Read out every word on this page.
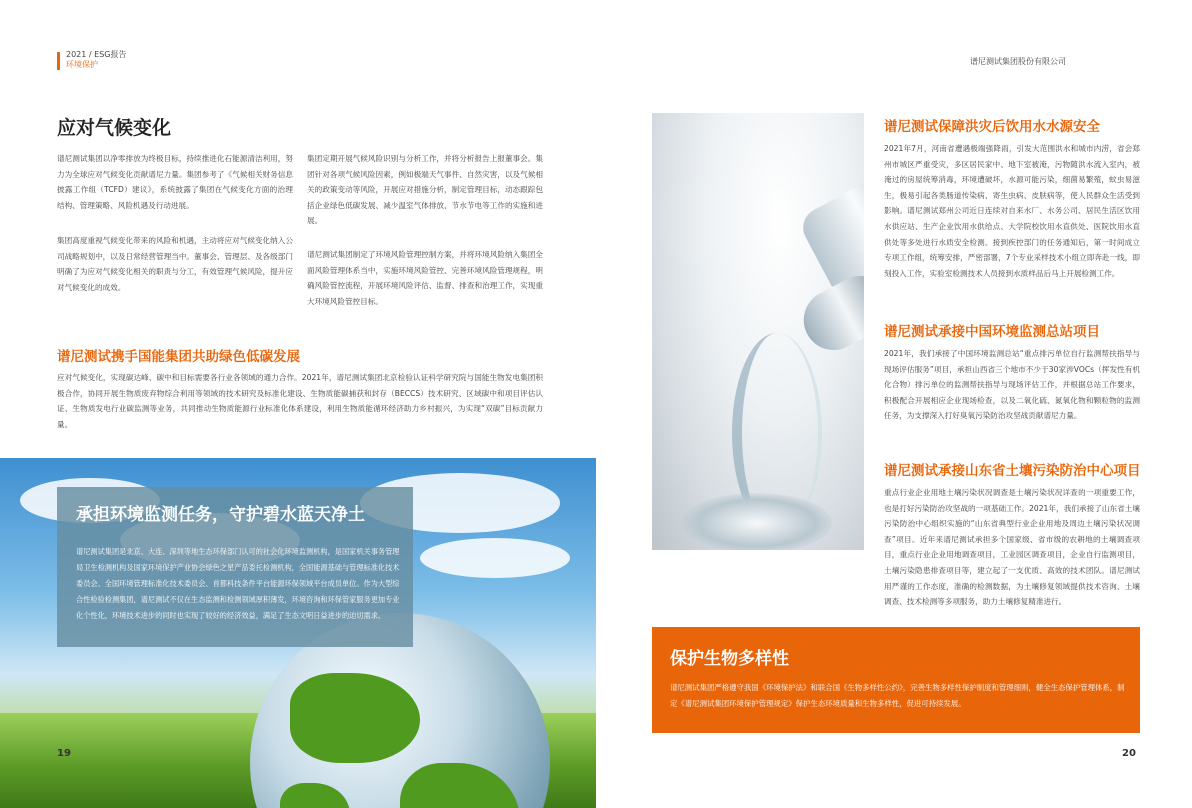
2021 / ESG报告
环境保护	谱尼测试集团股份有限公司
应对气候变化
谱尼测试集团以净零排放为终极目标，持续推进化石能源清洁利用，努力为全球应对气候变化贡献谱尼力量。集团参考了《气候相关财务信息披露工作组（TCFD）建议》，系统披露了集团在气候变化方面的治理结构、管理策略、风险机遇及行动进展。
集团高度重视气候变化带来的风险和机遇，主动将应对气候变化纳入公司战略规划中，以及日常经营管理当中。董事会、管理层、及各级部门明确了为应对气候变化相关的职责与分工，有效管理气候风险，提升应对气候变化的成效。
集团定期开展气候风险识别与分析工作，并将分析报告上报董事会。集团针对各项气候风险因素，例如极端天气事件、自然灾害，以及气候相关的政策变动等风险，开展应对措施分析，制定管理目标，动态跟踪包括企业绿色低碳发展、减少温室气体排放、节水节电等工作的实施和进展。
谱尼测试集团制定了环境风险管理控制方案，并将环境风险纳入集团全面风险管理体系当中，实施环境风险管控、完善环境风险管理规程，明确风险管控流程，开展环境风险评估、监督、排查和治理工作，实现重大环境风险管控目标。
谱尼测试携手国能集团共助绿色低碳发展
应对气候变化，实现碳达峰、碳中和目标需要各行业各领域的通力合作。2021年，谱尼测试集团北京检验认证科学研究院与国能生物发电集团积极合作，协同开展生物质废弃物综合利用等领域的技术研究及标准化建设、生物质能碳捕获和封存（BECCS）技术研究、区域碳中和项目评估认证、生物质发电行业碳监测等业务，共同推动生物质能源行业标准化体系建设，利用生物质能循环经济助力乡村振兴，为实现“双碳”目标贡献力量。
承担环境监测任务，守护碧水蓝天净土
谱尼测试集团是北京、大连、深圳等地生态环保部门认可的社会化环境监测机构，是国家机关事务管理局卫生检测机构及国家环境保护产业协会绿色之星产品委托检测机构，全国能源基础与管理标准化技术委员会、全国环境管理标准化技术委员会、首都科技条件平台能源环保领域平台成员单位。作为大型综合性检验检测集团，谱尼测试不仅在生态监测和检测领域厚积薄发，环境咨询和环保管家服务更加专业化个性化，环境技术进步的同时也实现了较好的经济效益，满足了生态文明日益进步的迫切需求。
19
谱尼测试保障洪灾后饮用水水源安全
2021年7月，河南省遭遇极端强降雨，引发大范围洪水和城市内涝，省会郑州市城区严重受灾，多区居民家中、地下室被淹，污物随洪水流入室内，被淹过的房屋统筹消毒，环境遭破坏，水源可能污染，细菌易繁殖，蚊虫易滋生，极易引起各类肠道传染病、寄生虫病、皮肤病等，使人民群众生活受到影响。谱尼测试郑州公司近日连续对自来水厂、水务公司、居民生活区饮用水供应站、生产企业饮用水供给点、大学院校饮用水直供处、医院饮用水直供处等多处进行水质安全检测。接到疾控部门的任务通知后，第一时间成立专项工作组，统筹安排，严密部署，7个专业采样技术小组立即奔赴一线，即刻投入工作，实验室检测技术人员接到水质样品后马上开展检测工作。
谱尼测试承接中国环境监测总站项目
2021年，我们承接了中国环境监测总站“重点排污单位自行监测帮扶指导与现场评估服务”项目，承担山西省三个地市不少于30家涉VOCs（挥发性有机化合物）排污单位的监测帮扶指导与现场评估工作，并根据总站工作要求，积极配合开展相应企业现场检查，以及二氧化硫、氮氧化物和颗粒物的监测任务，为支撑深入打好臭氧污染防治攻坚战贡献谱尼力量。
谱尼测试承接山东省土壤污染防治中心项目
重点行业企业用地土壤污染状况调查是土壤污染状况详查的一项重要工作，也是打好污染防治攻坚战的一项基础工作。2021年，我们承接了山东省土壤污染防治中心组织实施的“山东省典型行业企业用地及周边土壤污染状况调查”项目。近年来谱尼测试承担多个国家级、省市级的农耕地的土壤调查项目，重点行业企业用地调查项目，工业园区调查项目，企业自行监测项目，土壤污染隐患排查项目等，建立起了一支优质、高效的技术团队。谱尼测试用严谨的工作态度，准确的检测数据，为土壤修复领域提供技术咨询、土壤调查、技术检测等多项服务，助力土壤修复精准进行。
保护生物多样性
谱尼测试集团严格遵守我国《环境保护法》和联合国《生物多样性公约》，完善生物多样性保护制度和管理细则，健全生态保护管理体系，制定《谱尼测试集团环境保护管理规定》保护生态环境质量和生物多样性，促进可持续发展。
20
